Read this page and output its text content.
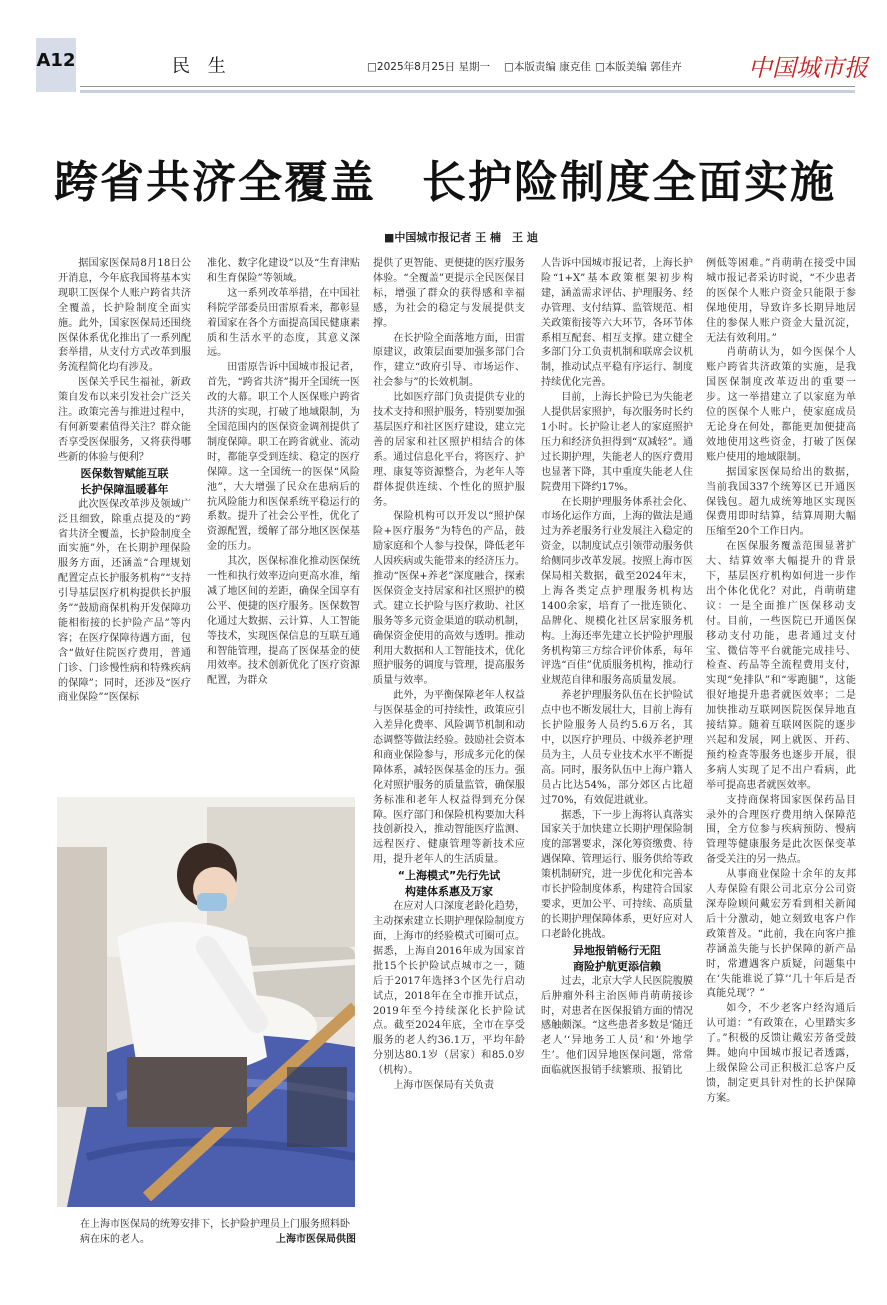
A12	民 生	□2025年8月25日 星期一 □本版责编 康克佳 □本版美编 郭佳卉	中国城市报
跨省共济全覆盖　长护险制度全面实施
■中国城市报记者 王 楠　王 迪

据国家医保局8月18日公开消息，今年底我国将基本实现职工医保个人账户跨省共济全覆盖，长护险制度全面实施。此外，国家医保局还围绕医保体系优化推出了一系列配套举措，从支付方式改革到服务流程简化均有涉及。

医保关乎民生福祉，新政策自发布以来引发社会广泛关注。政策完善与推进过程中，有何新要素值得关注？群众能否享受医保服务，又将获得哪些新的体验与便利？

医保数智赋能互联
长护保障温暖暮年

此次医保改革涉及领域广泛且细致，除重点提及的“跨省共济全覆盖，长护险制度全面实施”外，在长期护理保险服务方面，还涵盖“合理规划配置定点长护服务机构”“支持引导基层医疗机构提供长护服务”“鼓励商保机构开发保障功能相衔接的长护险产品”等内容；在医疗保障待遇方面，包含“做好住院医疗费用，普通门诊、门诊慢性病和特殊疾病的保障”；同时，还涉及“医疗商业保险”“医保标

准化、数字化建设”以及“生育津贴和生育保险”等领域。

这一系列改革举措，在中国社科院学部委员田雷原看来，都彰显着国家在各个方面提高国民健康素质和生活水平的态度，其意义深远。

田雷原告诉中国城市报记者，首先，“跨省共济”揭开全国统一医改的大幕。职工个人医保账户跨省共济的实现，打破了地域限制，为全国范围内的医保资金调剂提供了制度保障。职工在跨省就业、流动时，都能享受到连续、稳定的医疗保障。这一全国统一的医保“风险池”，大大增强了民众在患病后的抗风险能力和医保系统平稳运行的系数。提升了社会公平性，优化了资源配置，缓解了部分地区医保基金的压力。

其次，医保标准化推动医保统一性和执行效率迈向更高水准，缩减了地区间的差距，确保全国享有公平、便捷的医疗服务。医保数智化通过大数据、云计算、人工智能等技术，实现医保信息的互联互通和智能管理，提高了医保基金的使用效率。技术创新优化了医疗资源配置，为群众

提供了更智能、更便捷的医疗服务体验。“全覆盖”更提示全民医保目标，增强了群众的获得感和幸福感，为社会的稳定与发展提供支撑。

在长护险全面落地方面，田雷原建议，政策层面要加强多部门合作，建立“政府引导、市场运作、社会参与”的长效机制。

比如医疗部门负责提供专业的技术支持和照护服务，特别要加强基层医疗和社区医疗建设，建立完善的居家和社区照护相结合的体系。通过信息化平台，将医疗、护理、康复等资源整合，为老年人等群体提供连续、个性化的照护服务。

保险机构可以开发以“照护保险+医疗服务”为特色的产品，鼓励家庭和个人参与投保，降低老年人因疾病或失能带来的经济压力。推动“医保+养老”深度融合，探索医保资金支持居家和社区照护的模式。建立长护险与医疗救助、社区服务等多元资金渠道的联动机制，确保资金使用的高效与透明。推动利用大数据和人工智能技术，优化照护服务的调度与管理，提高服务质量与效率。

此外，为平衡保障老年人权益与医保基金的可持续性，政策应引入差异化费率、风险调节机制和动态调整等做法经验。鼓励社会资本和商业保险参与，形成多元化的保障体系，减轻医保基金的压力。强化对照护服务的质量监管，确保服务标准和老年人权益得到充分保障。医疗部门和保险机构要加大科技创新投入，推动智能医疗监测、远程医疗、健康管理等新技术应用，提升老年人的生活质量。

“上海模式”先行先试
构建体系惠及万家

在应对人口深度老龄化趋势，主动探索建立长期护理保险制度方面，上海市的经验模式可圈可点。据悉，上海自2016年成为国家首批15个长护险试点城市之一，随后于2017年选择3个区先行启动试点，2018年在全市推开试点，2019年至今持续深化长护险试点。截至2024年底，全市在享受服务的老人约36.1万，平均年龄分别达80.1岁（居家）和85.0岁（机构）。

上海市医保局有关负责

人告诉中国城市报记者，上海长护险“1+X”基本政策框架初步构建，涵盖需求评估、护理服务、经办管理、支付结算、监管规范、相关政策衔接等六大环节，各环节体系相互配套、相互支撑。建立健全多部门分工负责机制和联席会议机制，推动试点平稳有序运行、制度持续优化完善。

目前，上海长护险已为失能老人提供居家照护，每次服务时长约1小时。长护险让老人的家庭照护压力和经济负担得到“双减轻”。通过长期护理，失能老人的医疗费用也显著下降，其中重度失能老人住院费用下降约17%。

在长期护理服务体系社会化、市场化运作方面，上海的做法是通过为养老服务行业发展注入稳定的资金，以制度试点引领带动服务供给侧同步改革发展。按照上海市医保局相关数据，截至2024年末，上海各类定点护理服务机构达1400余家，培育了一批连锁化、品牌化、规模化社区居家服务机构。上海还率先建立长护险护理服务机构第三方综合评价体系，每年评选“百佳”优质服务机构，推动行业规范自律和服务高质量发展。

养老护理服务队伍在长护险试点中也不断发展壮大，目前上海有长护险服务人员约5.6万名，其中，以医疗护理员、中级养老护理员为主，人员专业技术水平不断提高。同时，服务队伍中上海户籍人员占比达54%，部分郊区占比超过70%，有效促进就业。

据悉，下一步上海将认真落实国家关于加快建立长期护理保险制度的部署要求，深化筹资缴费、待遇保障、管理运行、服务供给等政策机制研究，进一步优化和完善本市长护险制度体系，构建符合国家要求，更加公平、可持续、高质量的长期护理保障体系，更好应对人口老龄化挑战。

异地报销畅行无阻
商险护航更添信赖

过去，北京大学人民医院腹膜后肿瘤外科主治医师肖萌萌接诊时，对患者在医保报销方面的情况感触颇深。“这些患者多数是‘随迁老人’‘异地务工人员’和‘外地学生’。他们因异地医保问题，常常面临就医报销手续繁琐、报销比

例低等困难。”肖萌萌在接受中国城市报记者采访时说，“不少患者的医保个人账户资金只能限于参保地使用，导致许多长期异地居住的参保人账户资金大量沉淀，无法有效利用。”

肖萌萌认为，如今医保个人账户跨省共济政策的实施，是我国医保制度改革迈出的重要一步。这一举措建立了以家庭为单位的医保个人账户，使家庭成员无论身在何处，都能更加便捷高效地使用这些资金，打破了医保账户使用的地域限制。

据国家医保局给出的数据，当前我国337个统筹区已开通医保钱包。超九成统筹地区实现医保费用即时结算，结算周期大幅压缩至20个工作日内。

在医保服务覆盖范围显著扩大、结算效率大幅提升的背景下，基层医疗机构如何进一步作出个体化优化？对此，肖萌萌建议：一是全面推广医保移动支付。目前，一些医院已开通医保移动支付功能，患者通过支付宝、微信等平台就能完成挂号、检查、药品等全流程费用支付，实现“免排队”和“零跑腿”，这能很好地提升患者就医效率；二是加快推动互联网医院医保异地直接结算。随着互联网医院的逐步兴起和发展，网上就医、开药、预约检查等服务也逐步开展，很多病人实现了足不出户看病，此举可提高患者就医效率。

支持商保将国家医保药品目录外的合理医疗费用纳入保障范围，全方位参与疾病预防、慢病管理等健康服务是此次医保变革备受关注的另一热点。

从事商业保险十余年的友邦人寿保险有限公司北京分公司资深寿险顾问戴宏芳看到相关新闻后十分激动，她立刻致电客户作政策普及。“此前，我在向客户推荐涵盖失能与长护保障的新产品时，常遭遇客户质疑，问题集中在‘失能谁说了算’‘几十年后是否真能兑现’？”

如今，不少老客户经沟通后认可道：“有政策在，心里踏实多了。”积极的反馈让戴宏芳备受鼓舞。她向中国城市报记者透露，上级保险公司正积极汇总客户反馈，制定更具针对性的长护保障方案。

在上海市医保局的统筹安排下，长护险护理员上门服务照料卧病在床的老人。	上海市医保局供图
